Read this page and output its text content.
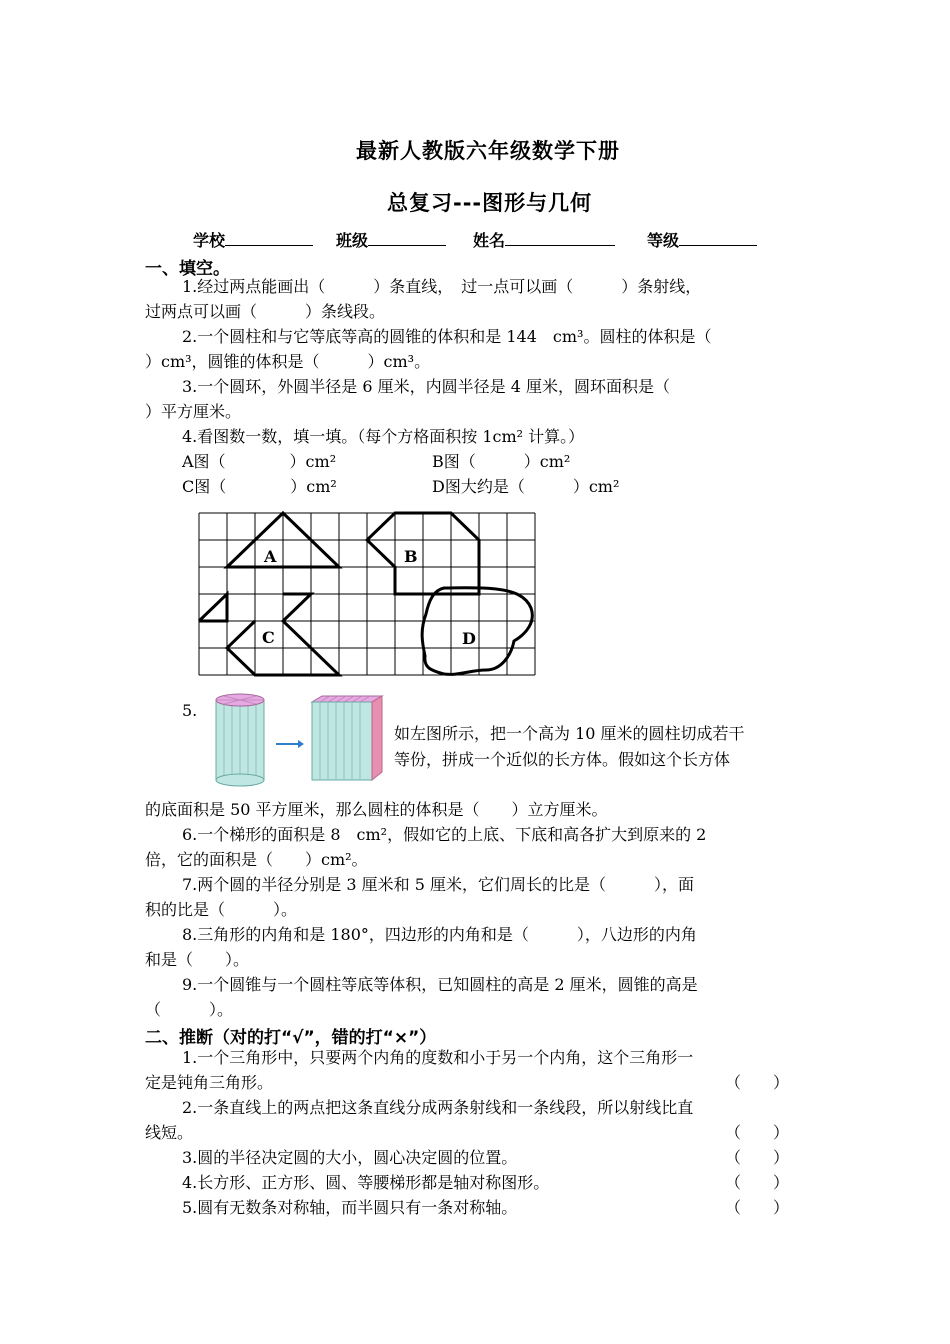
最新人教版六年级数学下册
总复习---图形与几何
学校	班级	姓名	等级
一、填空。
1.经过两点能画出（　　　）条直线，　过一点可以画（　　　）条射线，
过两点可以画（　　　）条线段。
2.一个圆柱和与它等底等高的圆锥的体积和是 144　cm³。圆柱的体积是（
）cm³，圆锥的体积是（　　　）cm³。
3.一个圆环，外圆半径是 6 厘米，内圆半径是 4 厘米，圆环面积是（
）平方厘米。
4.看图数一数，填一填。（每个方格面积按 1cm² 计算。）
A图（　　　　）cm²	B图（　　　）cm²
C图（　　　　）cm²	D图大约是（　　　）cm²
A	B
C	D
5.
如左图所示，把一个高为 10 厘米的圆柱切成若干
等份，拼成一个近似的长方体。假如这个长方体
的底面积是 50 平方厘米，那么圆柱的体积是（　　）立方厘米。
6.一个梯形的面积是 8　cm²，假如它的上底、下底和高各扩大到原来的 2
倍，它的面积是（　　）cm²。
7.两个圆的半径分别是 3 厘米和 5 厘米，它们周长的比是（　　　），面
积的比是（　　　）。
8.三角形的内角和是 180°，四边形的内角和是（　　　），八边形的内角
和是（　　）。
9.一个圆锥与一个圆柱等底等体积，已知圆柱的高是 2 厘米，圆锥的高是
（　　　）。
二、推断（对的打“√”，错的打“×”）
1.一个三角形中，只要两个内角的度数和小于另一个内角，这个三角形一
定是钝角三角形。	（　　）
2.一条直线上的两点把这条直线分成两条射线和一条线段，所以射线比直
线短。	（　　）
3.圆的半径决定圆的大小，圆心决定圆的位置。	（　　）
4.长方形、正方形、圆、等腰梯形都是轴对称图形。	（　　）
5.圆有无数条对称轴，而半圆只有一条对称轴。	（　　）
